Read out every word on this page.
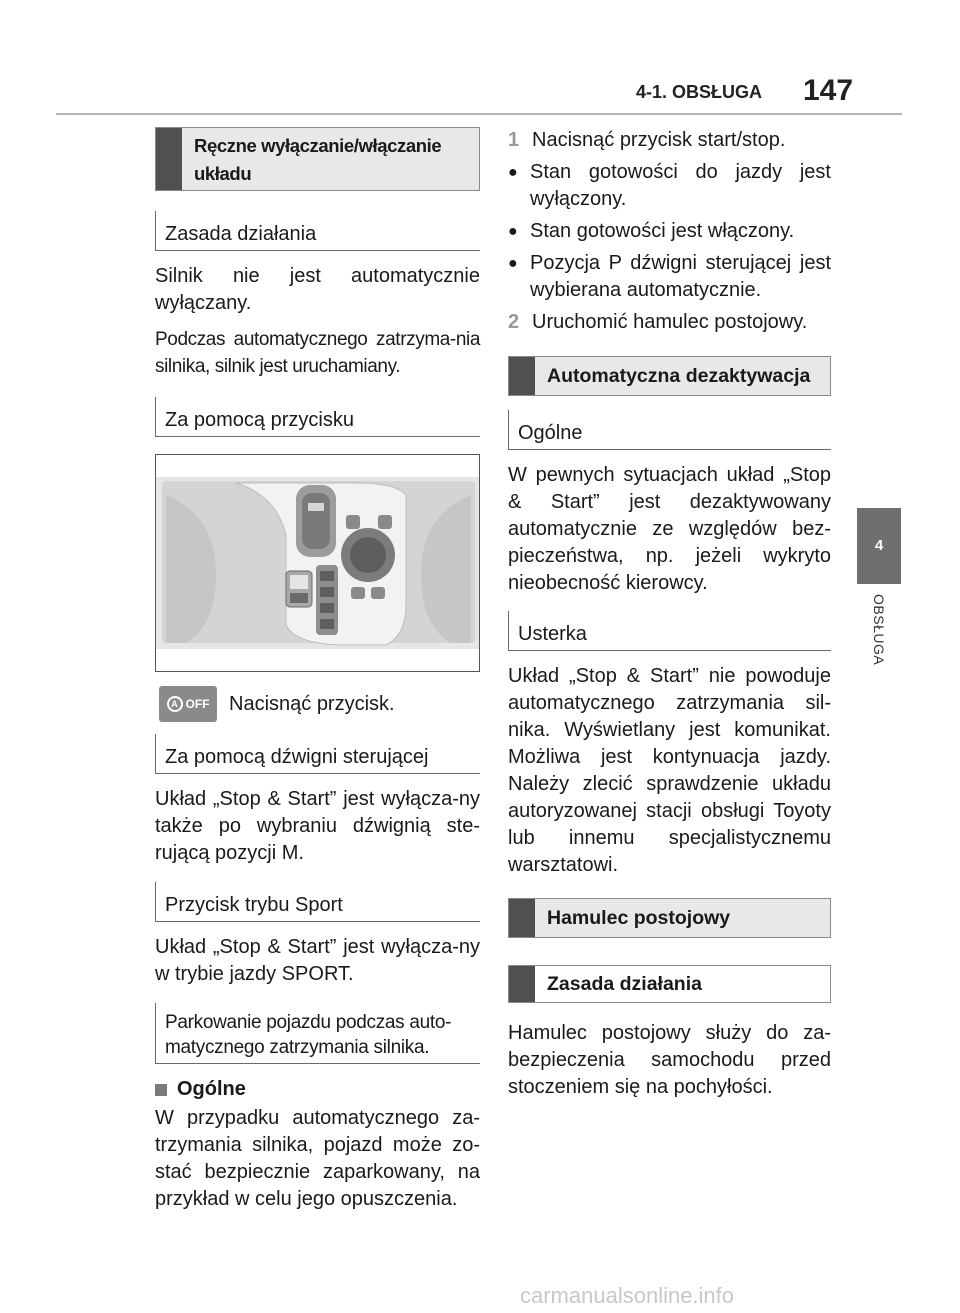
4-1. OBSŁUGA 147
4
OBSŁUGA
Ręczne wyłączanie/włączanie układu
Zasada działania

Silnik nie jest automatycznie wyłączany.

Podczas automatycznego zatrzyma-nia silnika, silnik jest uruchamiany.

Za pomocą przycisku
A OFF Nacisnąć przycisk.
Za pomocą dźwigni sterującej

Układ „Stop & Start” jest wyłącza-ny także po wybraniu dźwignią ste-rującą pozycji M.

Przycisk trybu Sport

Układ „Stop & Start” jest wyłącza-ny w trybie jazdy SPORT.

Parkowanie pojazdu podczas auto-matycznego zatrzymania silnika.
Ogólne

W przypadku automatycznego za-trzymania silnika, pojazd może zo-stać bezpiecznie zaparkowany, na przykład w celu jego opuszczenia.

1 Nacisnąć przycisk start/stop.
● Stan gotowości do jazdy jest wyłączony.
● Stan gotowości jest włączony.
● Pozycja P dźwigni sterującej jest wybierana automatycznie.
2 Uruchomić hamulec postojowy.
Automatyczna dezaktywacja
Ogólne

W pewnych sytuacjach układ „Stop & Start” jest dezaktywowany automatycznie ze względów bez-pieczeństwa, np. jeżeli wykryto nieobecność kierowcy.

Usterka

Układ „Stop & Start” nie powoduje automatycznego zatrzymania sil-nika. Wyświetlany jest komunikat. Możliwa jest kontynuacja jazdy. Należy zlecić sprawdzenie układu autoryzowanej stacji obsługi Toyoty lub innemu specjalistycznemu warsztatowi.

Hamulec postojowy
Zasada działania

Hamulec postojowy służy do za-bezpieczenia samochodu przed stoczeniem się na pochyłości.

carmanualsonline.info
